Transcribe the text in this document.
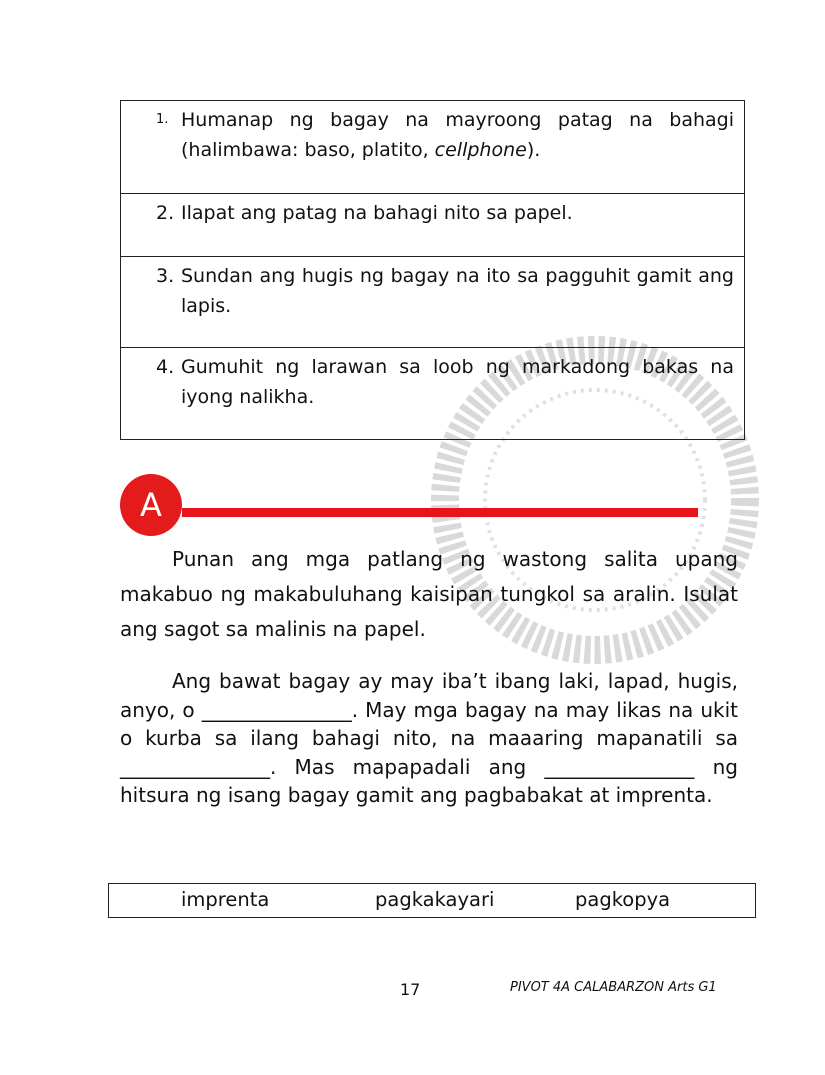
1. Humanap ng bagay na mayroong patag na bahagi (halimbawa: baso, platito, cellphone).
2. Ilapat ang patag na bahagi nito sa papel.
3. Sundan ang hugis ng bagay na ito sa pagguhit gamit ang lapis.
4. Gumuhit ng larawan sa loob ng markadong bakas na iyong nalikha.
A
Punan ang mga patlang ng wastong salita upang makabuo ng makabuluhang kaisipan tungkol sa aralin. Isulat ang sagot sa malinis na papel.
Ang bawat bagay ay may iba’t ibang laki, lapad, hugis, anyo, o _______________. May mga bagay na may likas na ukit o kurba sa ilang bahagi nito, na maaaring mapanatili sa _______________. Mas mapapadali ang _______________ ng hitsura ng isang bagay gamit ang pagbabakat at imprenta.
imprenta	pagkakayari	pagkopya
17	PIVOT 4A CALABARZON Arts G1
